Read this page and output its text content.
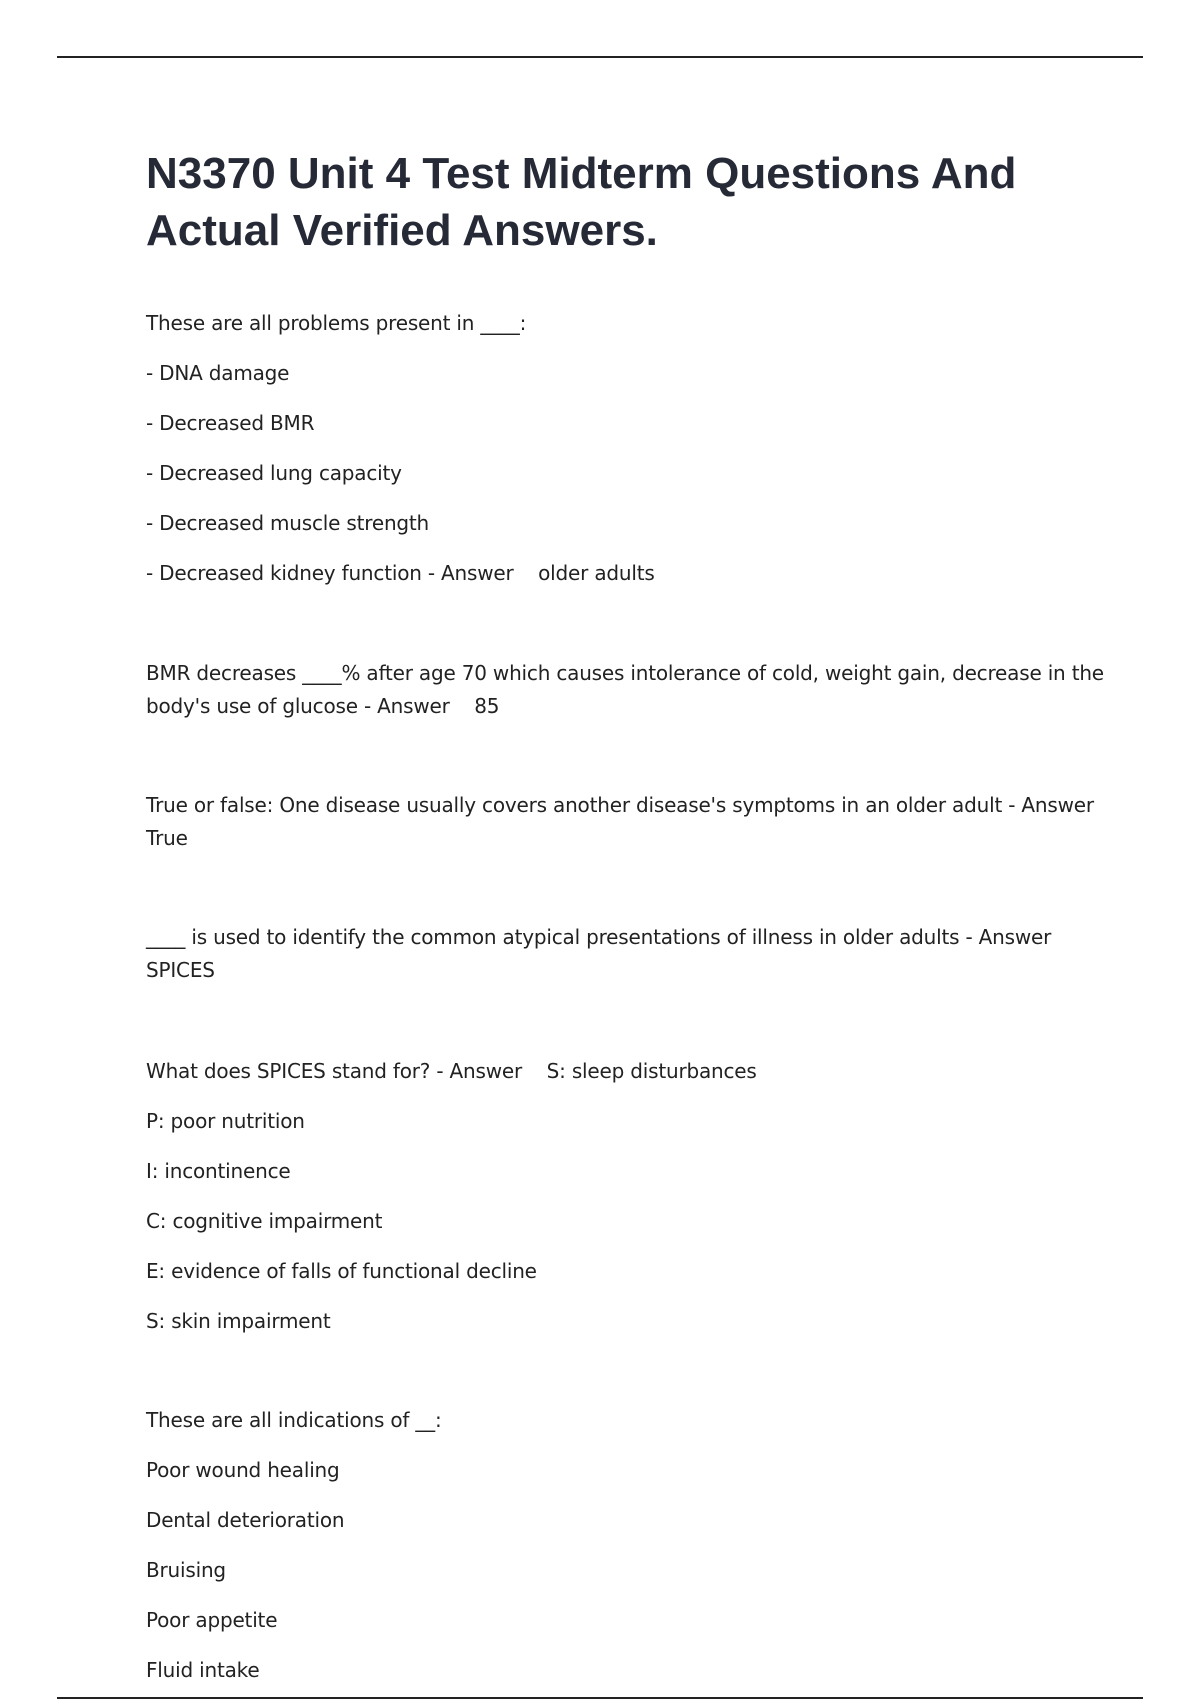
N3370 Unit 4 Test Midterm Questions And Actual Verified Answers.

These are all problems present in ____:

- DNA damage

- Decreased BMR

- Decreased lung capacity

- Decreased muscle strength

- Decreased kidney function - Answer older adults

BMR decreases ____% after age 70 which causes intolerance of cold, weight gain, decrease in the body's use of glucose - Answer 85

True or false: One disease usually covers another disease's symptoms in an older adult - Answer True

____ is used to identify the common atypical presentations of illness in older adults - Answer SPICES

What does SPICES stand for? - Answer S: sleep disturbances

P: poor nutrition

I: incontinence

C: cognitive impairment

E: evidence of falls of functional decline

S: skin impairment

These are all indications of __:

Poor wound healing

Dental deterioration

Bruising

Poor appetite

Fluid intake
